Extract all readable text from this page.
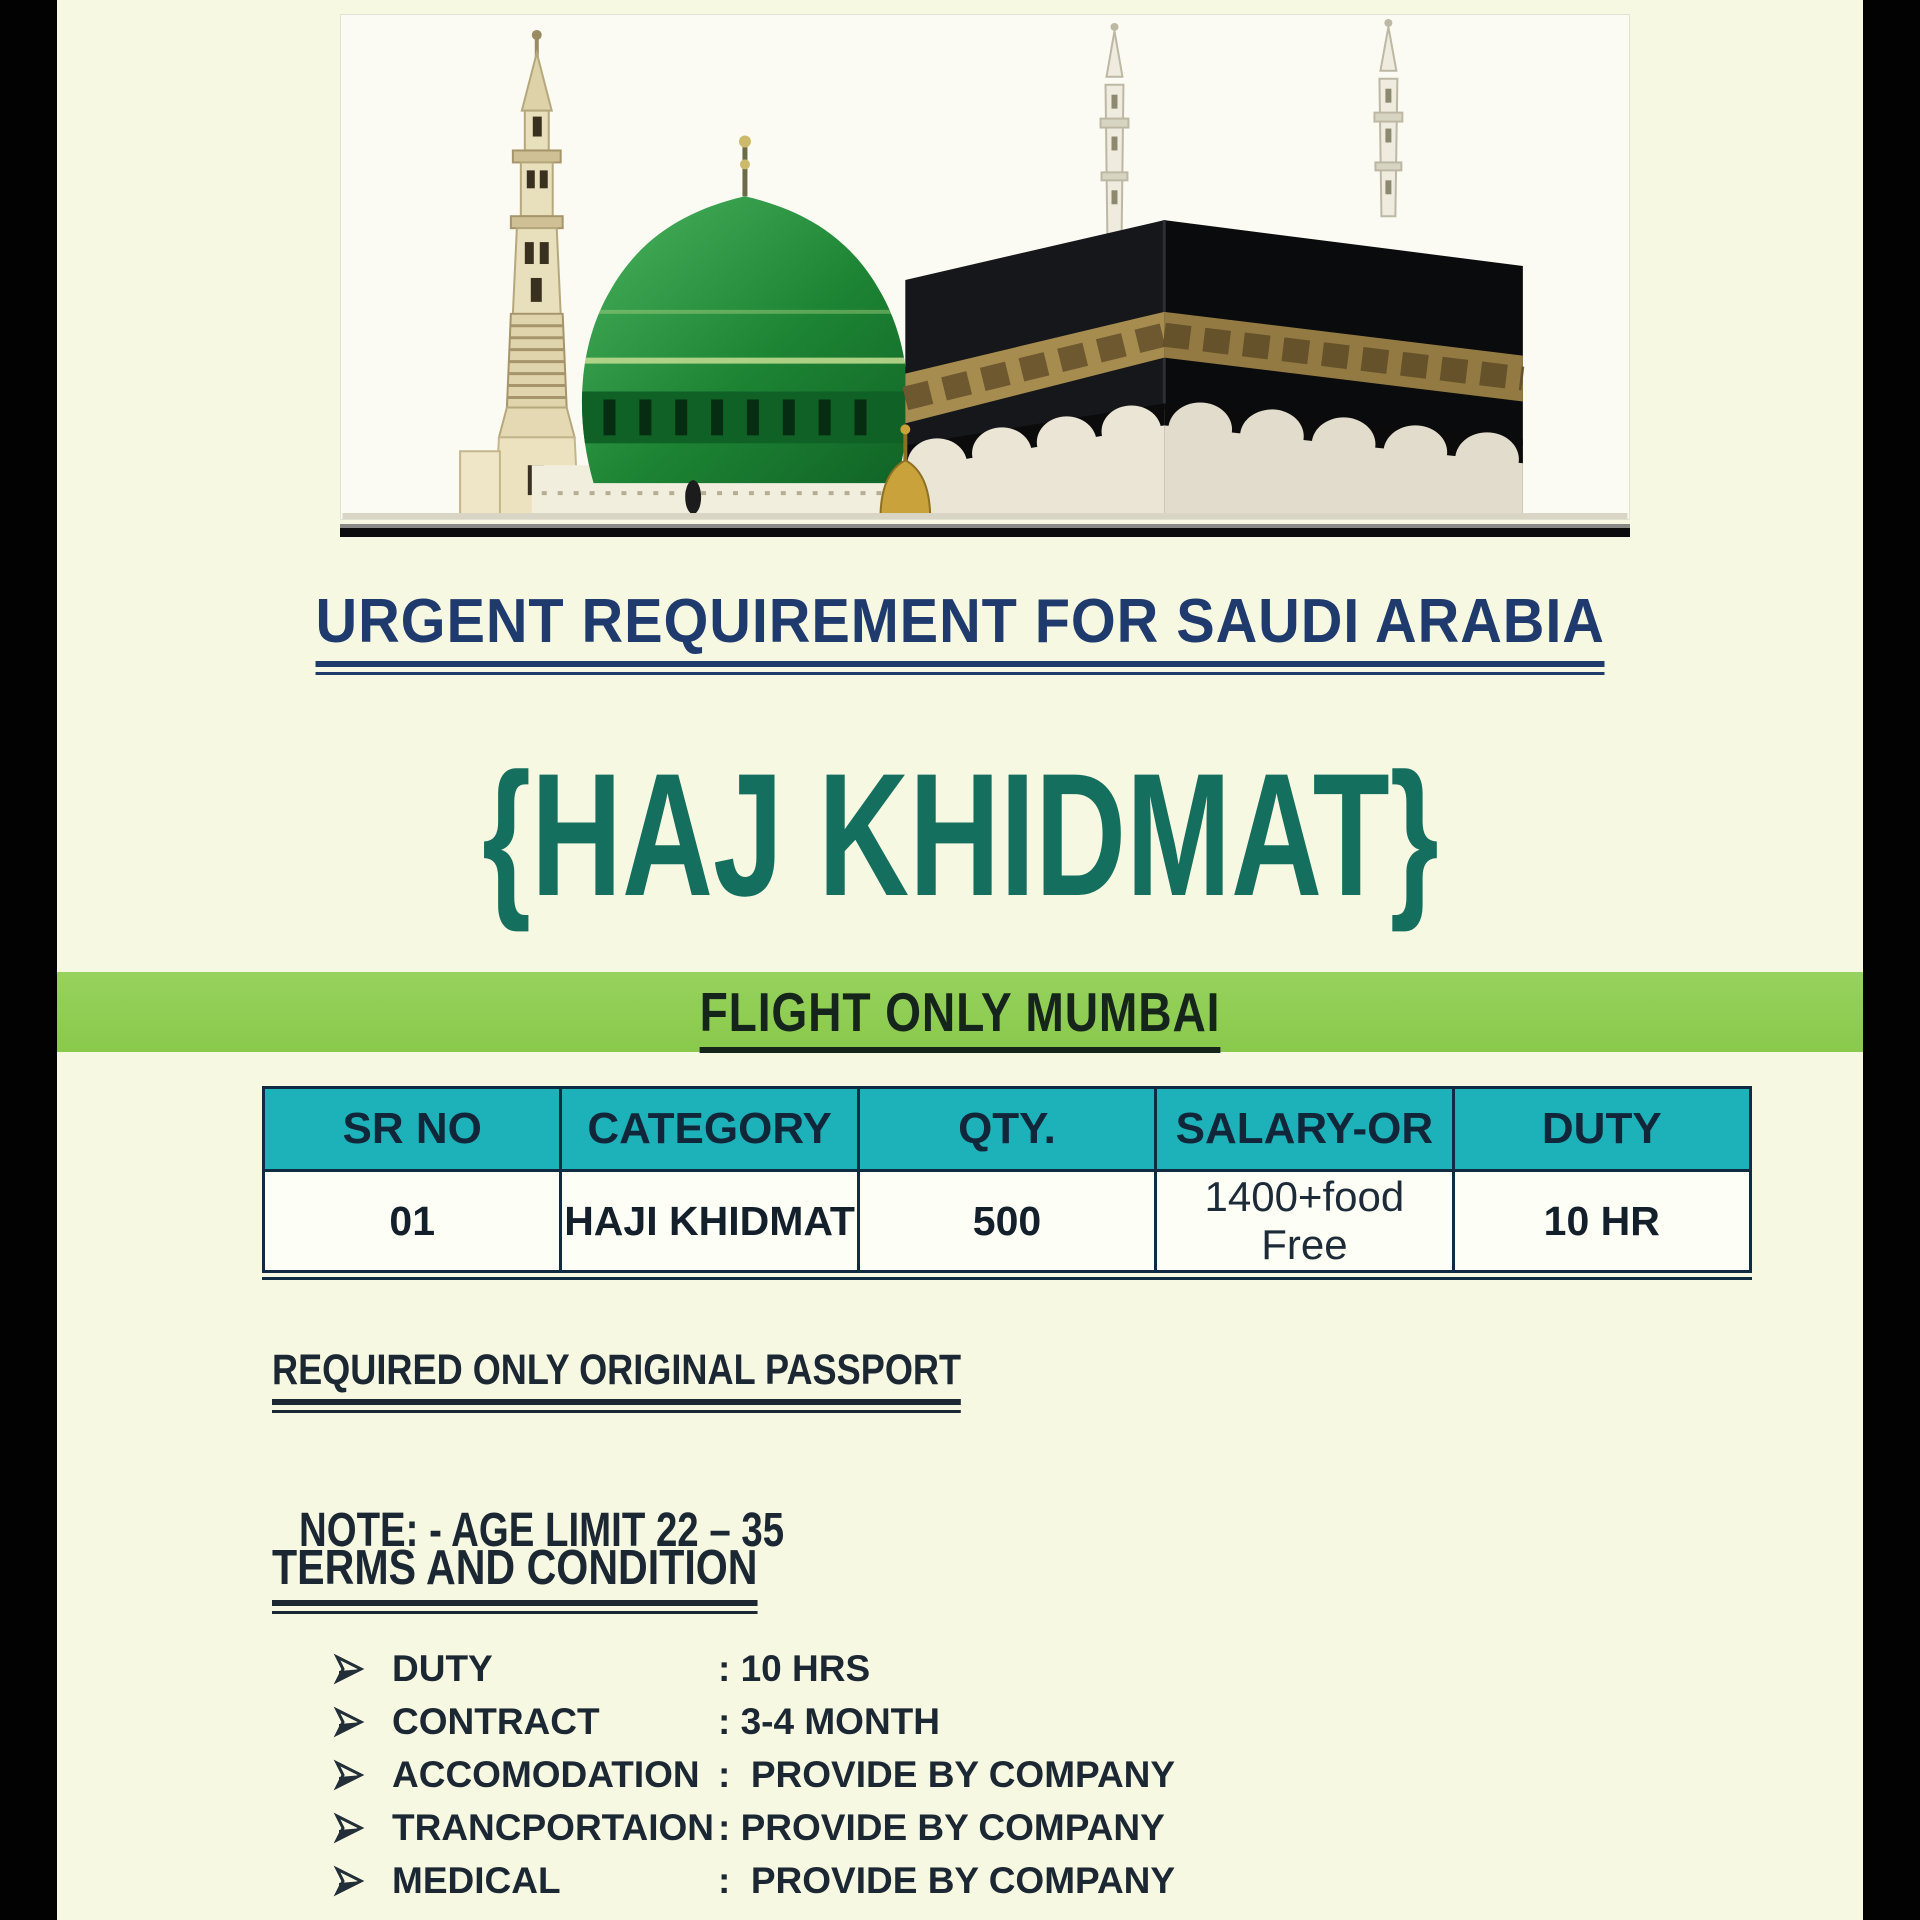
URGENT REQUIREMENT FOR SAUDI ARABIA
{HAJ KHIDMAT}
FLIGHT ONLY MUMBAI
SR NO	CATEGORY	QTY.	SALARY-OR	DUTY
01	HAJI KHIDMAT	500	1400+food Free	10 HR
REQUIRED ONLY ORIGINAL PASSPORT

NOTE: - AGE LIMIT 22 – 35

TERMS AND CONDITION
DUTY	: 10 HRS
CONTRACT	: 3-4 MONTH
ACCOMODATION :  PROVIDE BY COMPANY
TRANCPORTAION : PROVIDE BY COMPANY
MEDICAL	:  PROVIDE BY COMPANY
